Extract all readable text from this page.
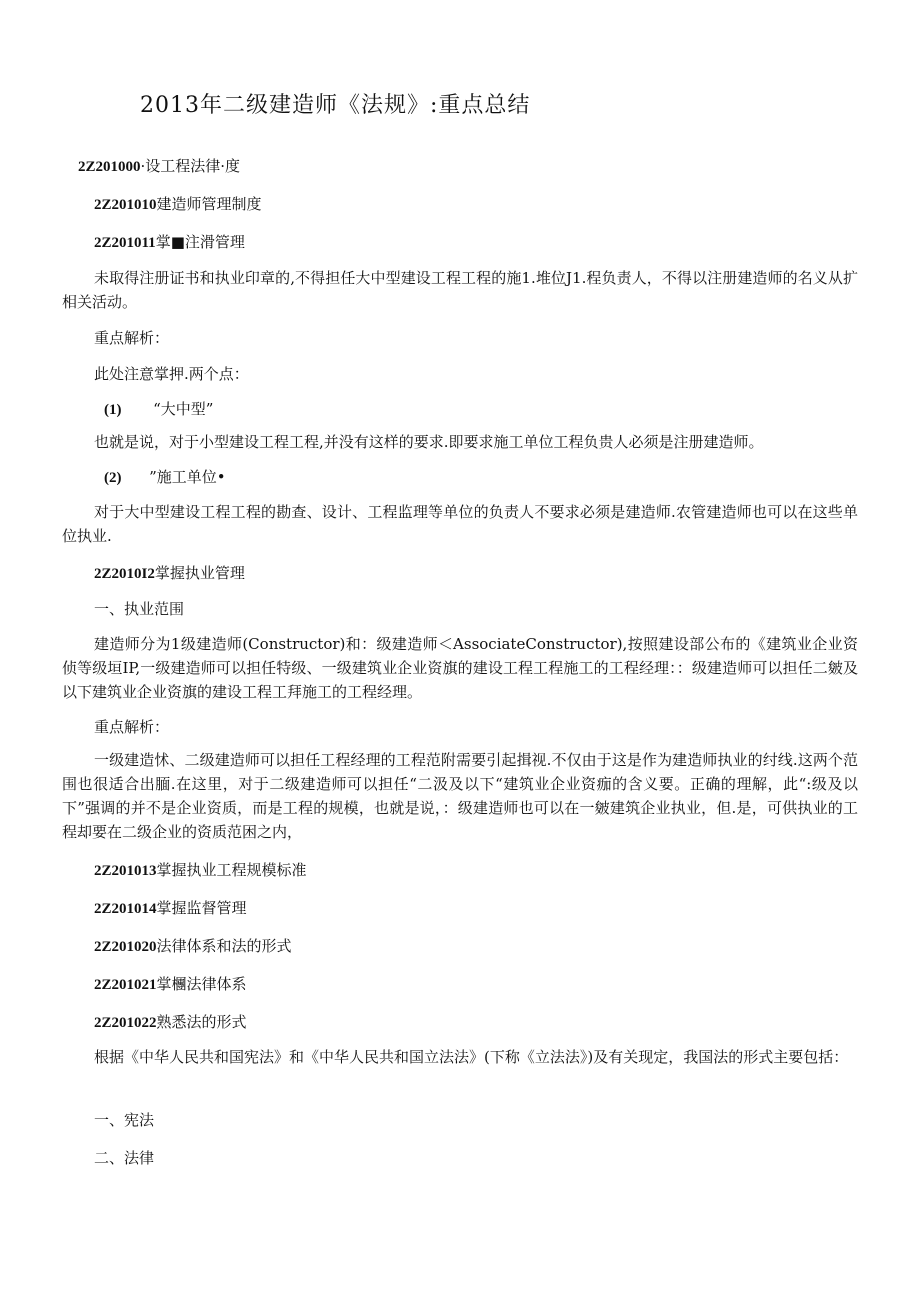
2013年二级建造师《法规》:重点总结
2Z201000·设工程法律·度
2Z201010建造师管理制度
2Z201011掌■注滑管理
未取得注册证书和执业印章的,不得担任大中型建设工程工程的施1.堆位J1.程负责人，不得以注册建造师的名义从扩相关活动。
重点解析：
此处注意掌押.两个点：
(1) “大中型”
也就是说，对于小型建设工程工程,并没有这样的要求.即要求施工单位工程负贵人必须是注册建造师。
(2) ”施工单位•
对于大中型建设工程工程的勘查、设计、工程监理等单位的负责人不要求必须是建造师.农管建造师也可以在这些单位执业.
2Z2010I2掌握执业管理
一、执业范围
建造师分为1级建造师(Constructor)和：级建造师＜AssociateConstructor),按照建设部公布的《建筑业企业资侦等级垣IP,一级建造师可以担任特级、一级建筑业企业资旗的建设工程工程施工的工程经理：：级建造师可以担任二皴及以下建筑业企业资旗的建设工程工拜施工的工程经理。
重点解析：
一级建造怵、二级建造师可以担任工程经理的工程范附需要引起揖视.不仅由于这是作为建造师执业的纣线.这两个范围也很适合出腼.在这里，对于二级建造师可以担任“二汲及以下“建筑业企业资痂的含义要。正确的理解，此“:级及以下”强调的并不是企业资质，而是工程的规模，也就是说，：级建造师也可以在一皴建筑企业执业，但.是，可供执业的工程却要在二级企业的资质范困之内，
2Z201013掌握执业工程规模标准
2Z201014掌握监督管理
2Z201020法律体系和法的形式
2Z201021掌檲法律体系
2Z201022熟悉法的形式
根据《中华人民共和国宪法》和《中华人民共和国立法法》(下称《立法法》)及有关现定，我国法的形式主要包括：
一、宪法
二、法律
